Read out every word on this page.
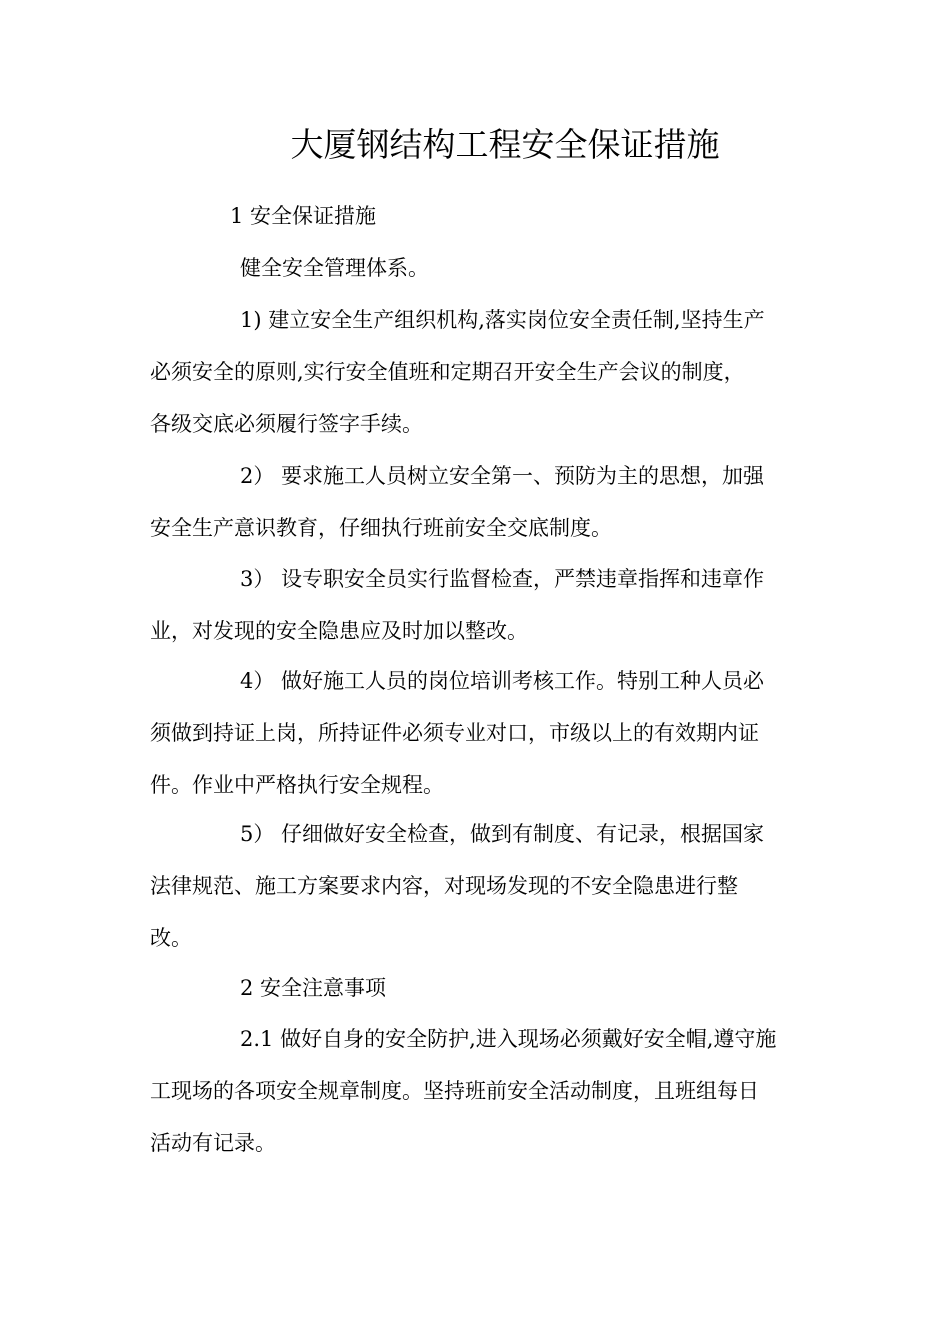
大厦钢结构工程安全保证措施

1 安全保证措施

健全安全管理体系。

1) 建立安全生产组织机构,落实岗位安全责任制,坚持生产
必须安全的原则,实行安全值班和定期召开安全生产会议的制度，
各级交底必须履行签字手续。

2） 要求施工人员树立安全第一、预防为主的思想，加强
安全生产意识教育，仔细执行班前安全交底制度。

3） 设专职安全员实行监督检查，严禁违章指挥和违章作
业，对发现的安全隐患应及时加以整改。

4） 做好施工人员的岗位培训考核工作。特别工种人员必
须做到持证上岗，所持证件必须专业对口，市级以上的有效期内证
件。作业中严格执行安全规程。

5） 仔细做好安全检查，做到有制度、有记录，根据国家
法律规范、施工方案要求内容，对现场发现的不安全隐患进行整
改。

2 安全注意事项

2.1 做好自身的安全防护,进入现场必须戴好安全帽,遵守施
工现场的各项安全规章制度。坚持班前安全活动制度，且班组每日
活动有记录。
